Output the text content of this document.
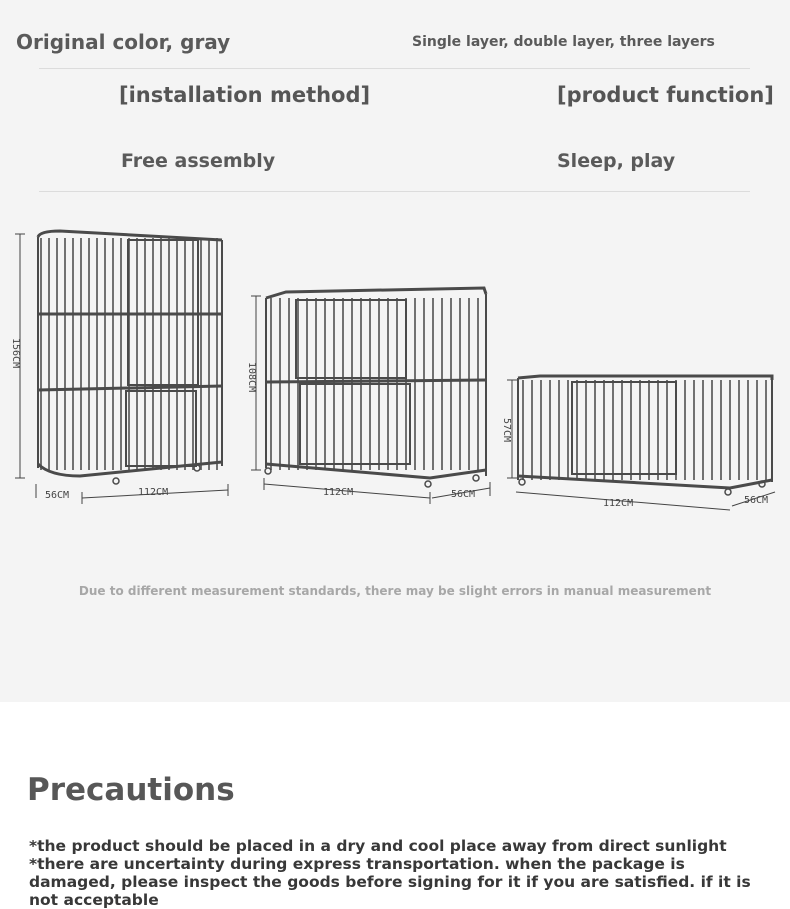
Original color, gray	Single layer, double layer, three layers
[installation method]	[product function]
Free assembly	Sleep, play
156CM
56CM	112CM
108CM
112CM	56CM
57CM
112CM	56CM
Due to different measurement standards, there may be slight errors in manual measurement
Precautions
*the product should be placed in a dry and cool place away from direct sunlight *there are uncertainty during express transportation. when the package is damaged, please inspect the goods before signing for it if you are satisfied. if it is not acceptable
